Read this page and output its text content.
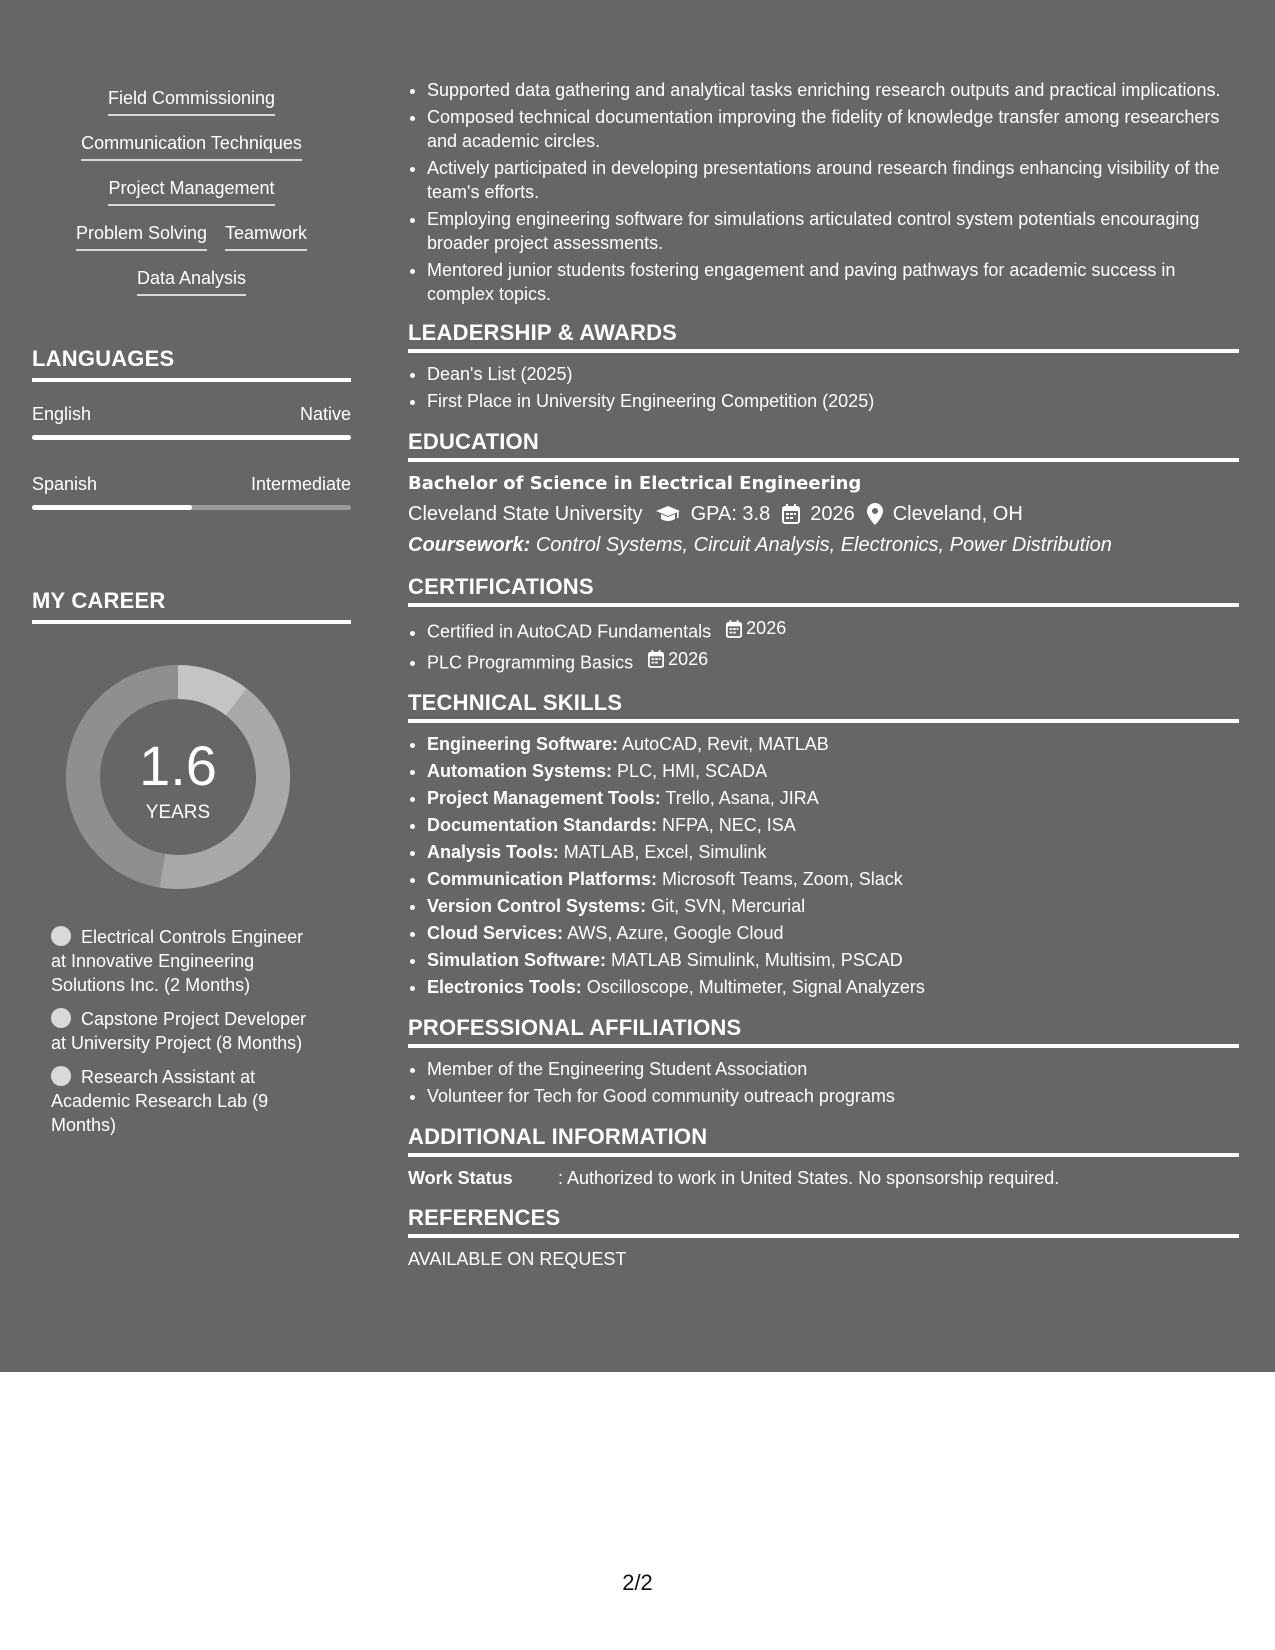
Field Commissioning
Communication Techniques
Project Management
Problem Solving Teamwork
Data Analysis
LANGUAGES
English	Native
Spanish	Intermediate
MY CAREER
1.6
YEARS
Electrical Controls Engineer at Innovative Engineering Solutions Inc. (2 Months)
Capstone Project Developer at University Project (8 Months)
Research Assistant at Academic Research Lab (9 Months)
• Supported data gathering and analytical tasks enriching research outputs and practical implications.
• Composed technical documentation improving the fidelity of knowledge transfer among researchers and academic circles.
• Actively participated in developing presentations around research findings enhancing visibility of the team's efforts.
• Employing engineering software for simulations articulated control system potentials encouraging broader project assessments.
• Mentored junior students fostering engagement and paving pathways for academic success in complex topics.
LEADERSHIP & AWARDS
• Dean's List (2025)
• First Place in University Engineering Competition (2025)
EDUCATION
Bachelor of Science in Electrical Engineering
Cleveland State University GPA: 3.8 2026 Cleveland, OH
Coursework: Control Systems, Circuit Analysis, Electronics, Power Distribution
CERTIFICATIONS
• Certified in AutoCAD Fundamentals 2026
• PLC Programming Basics 2026
TECHNICAL SKILLS
• Engineering Software: AutoCAD, Revit, MATLAB
• Automation Systems: PLC, HMI, SCADA
• Project Management Tools: Trello, Asana, JIRA
• Documentation Standards: NFPA, NEC, ISA
• Analysis Tools: MATLAB, Excel, Simulink
• Communication Platforms: Microsoft Teams, Zoom, Slack
• Version Control Systems: Git, SVN, Mercurial
• Cloud Services: AWS, Azure, Google Cloud
• Simulation Software: MATLAB Simulink, Multisim, PSCAD
• Electronics Tools: Oscilloscope, Multimeter, Signal Analyzers
PROFESSIONAL AFFILIATIONS
• Member of the Engineering Student Association
• Volunteer for Tech for Good community outreach programs
ADDITIONAL INFORMATION
Work Status	: Authorized to work in United States. No sponsorship required.
REFERENCES
AVAILABLE ON REQUEST
2/2
